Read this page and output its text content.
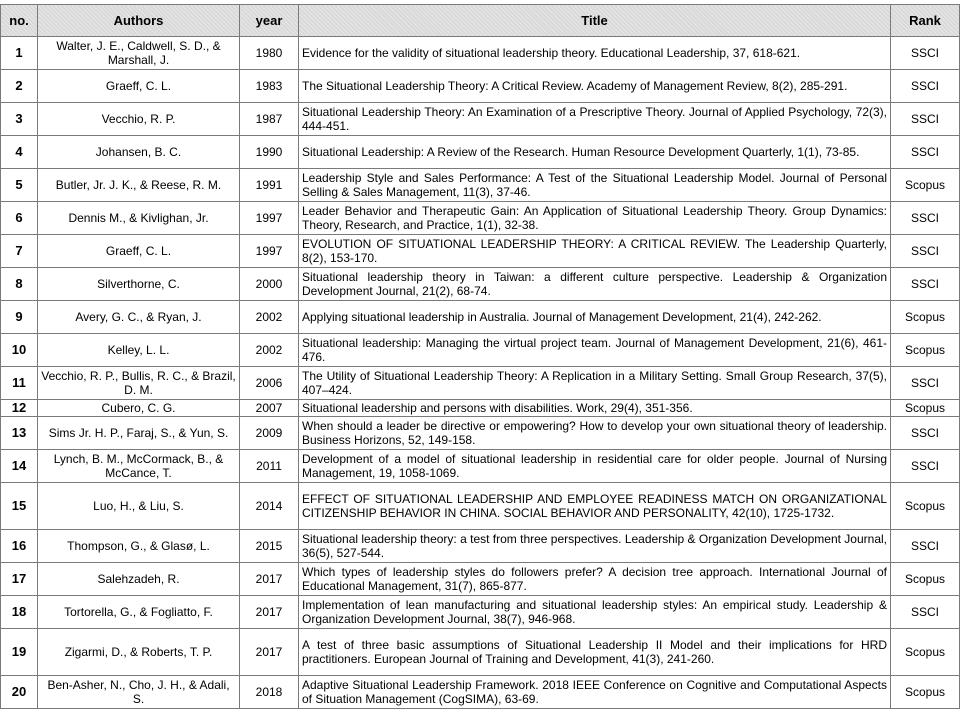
no.	Authors	year	Title	Rank
1	Walter, J. E., Caldwell, S. D., & Marshall, J.	1980	Evidence for the validity of situational leadership theory. Educational Leadership, 37, 618-621.	SSCI
2	Graeff, C. L.	1983	The Situational Leadership Theory: A Critical Review. Academy of Management Review, 8(2), 285-291.	SSCI
3	Vecchio, R. P.	1987	Situational Leadership Theory: An Examination of a Prescriptive Theory. Journal of Applied Psychology, 72(3), 444-451.	SSCI
4	Johansen, B. C.	1990	Situational Leadership: A Review of the Research. Human Resource Development Quarterly, 1(1), 73-85.	SSCI
5	Butler, Jr. J. K., & Reese, R. M.	1991	Leadership Style and Sales Performance: A Test of the Situational Leadership Model. Journal of Personal Selling & Sales Management, 11(3), 37-46.	Scopus
6	Dennis M., & Kivlighan, Jr.	1997	Leader Behavior and Therapeutic Gain: An Application of Situational Leadership Theory. Group Dynamics: Theory, Research, and Practice, 1(1), 32-38.	SSCI
7	Graeff, C. L.	1997	EVOLUTION OF SITUATIONAL LEADERSHIP THEORY: A CRITICAL REVIEW. The Leadership Quarterly, 8(2), 153-170.	SSCI
8	Silverthorne, C.	2000	Situational leadership theory in Taiwan: a different culture perspective. Leadership & Organization Development Journal, 21(2), 68-74.	SSCI
9	Avery, G. C., & Ryan, J.	2002	Applying situational leadership in Australia. Journal of Management Development, 21(4), 242-262.	Scopus
10	Kelley, L. L.	2002	Situational leadership: Managing the virtual project team. Journal of Management Development, 21(6), 461-476.	Scopus
11	Vecchio, R. P., Bullis, R. C., & Brazil, D. M.	2006	The Utility of Situational Leadership Theory: A Replication in a Military Setting. Small Group Research, 37(5), 407–424.	SSCI
12	Cubero, C. G.	2007	Situational leadership and persons with disabilities. Work, 29(4), 351-356.	Scopus
13	Sims Jr. H. P., Faraj, S., & Yun, S.	2009	When should a leader be directive or empowering? How to develop your own situational theory of leadership. Business Horizons, 52, 149-158.	SSCI
14	Lynch, B. M., McCormack, B., & McCance, T.	2011	Development of a model of situational leadership in residential care for older people. Journal of Nursing Management, 19, 1058-1069.	SSCI
15	Luo, H., & Liu, S.	2014	EFFECT OF SITUATIONAL LEADERSHIP AND EMPLOYEE READINESS MATCH ON ORGANIZATIONAL CITIZENSHIP BEHAVIOR IN CHINA. SOCIAL BEHAVIOR AND PERSONALITY, 42(10), 1725-1732.	Scopus
16	Thompson, G., & Glasø, L.	2015	Situational leadership theory: a test from three perspectives. Leadership & Organization Development Journal, 36(5), 527-544.	SSCI
17	Salehzadeh, R.	2017	Which types of leadership styles do followers prefer? A decision tree approach. International Journal of Educational Management, 31(7), 865-877.	Scopus
18	Tortorella, G., & Fogliatto, F.	2017	Implementation of lean manufacturing and situational leadership styles: An empirical study. Leadership & Organization Development Journal, 38(7), 946-968.	SSCI
19	Zigarmi, D., & Roberts, T. P.	2017	A test of three basic assumptions of Situational Leadership II Model and their implications for HRD practitioners. European Journal of Training and Development, 41(3), 241-260.	Scopus
20	Ben-Asher, N., Cho, J. H., & Adali, S.	2018	Adaptive Situational Leadership Framework. 2018 IEEE Conference on Cognitive and Computational Aspects of Situation Management (CogSIMA), 63-69.	Scopus
